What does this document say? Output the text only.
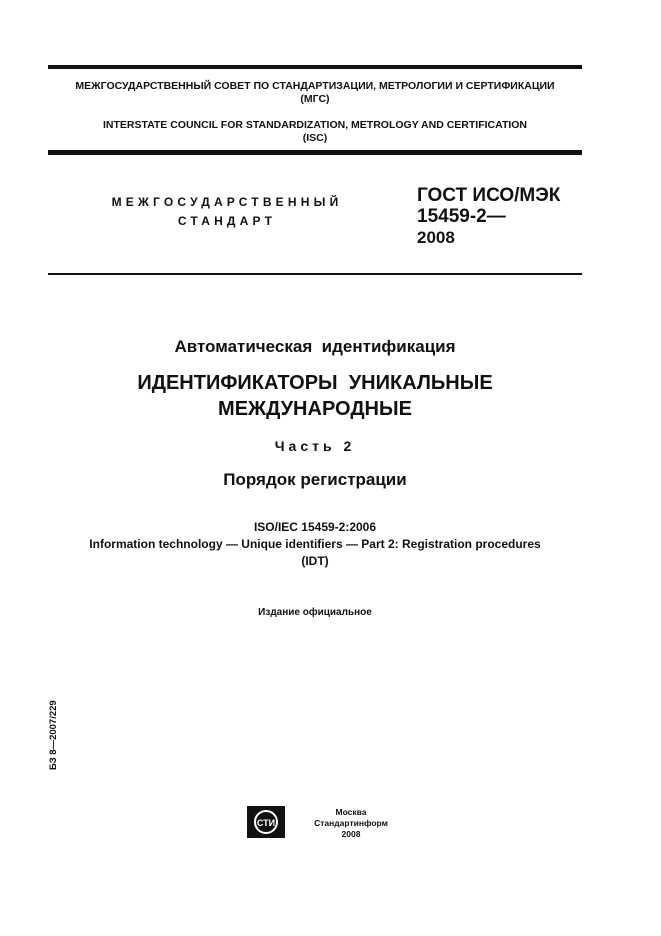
МЕЖГОСУДАРСТВЕННЫЙ СОВЕТ ПО СТАНДАРТИЗАЦИИ, МЕТРОЛОГИИ И СЕРТИФИКАЦИИ
(МГС)
INTERSTATE COUNCIL FOR STANDARDIZATION, METROLOGY AND CERTIFICATION
(ISC)
МЕЖГОСУДАРСТВЕННЫЙ
СТАНДАРТ
ГОСТ ИСО/МЭК
15459-2—
2008
Автоматическая  идентификация
ИДЕНТИФИКАТОРЫ  УНИКАЛЬНЫЕ
МЕЖДУНАРОДНЫЕ
Часть 2
Порядок регистрации
ISO/IEC 15459-2:2006
Information technology — Unique identifiers — Part 2: Registration procedures
(IDT)
Издание официальное
БЗ 8—2007/229
СТИ
Москва
Стандартинформ
2008
